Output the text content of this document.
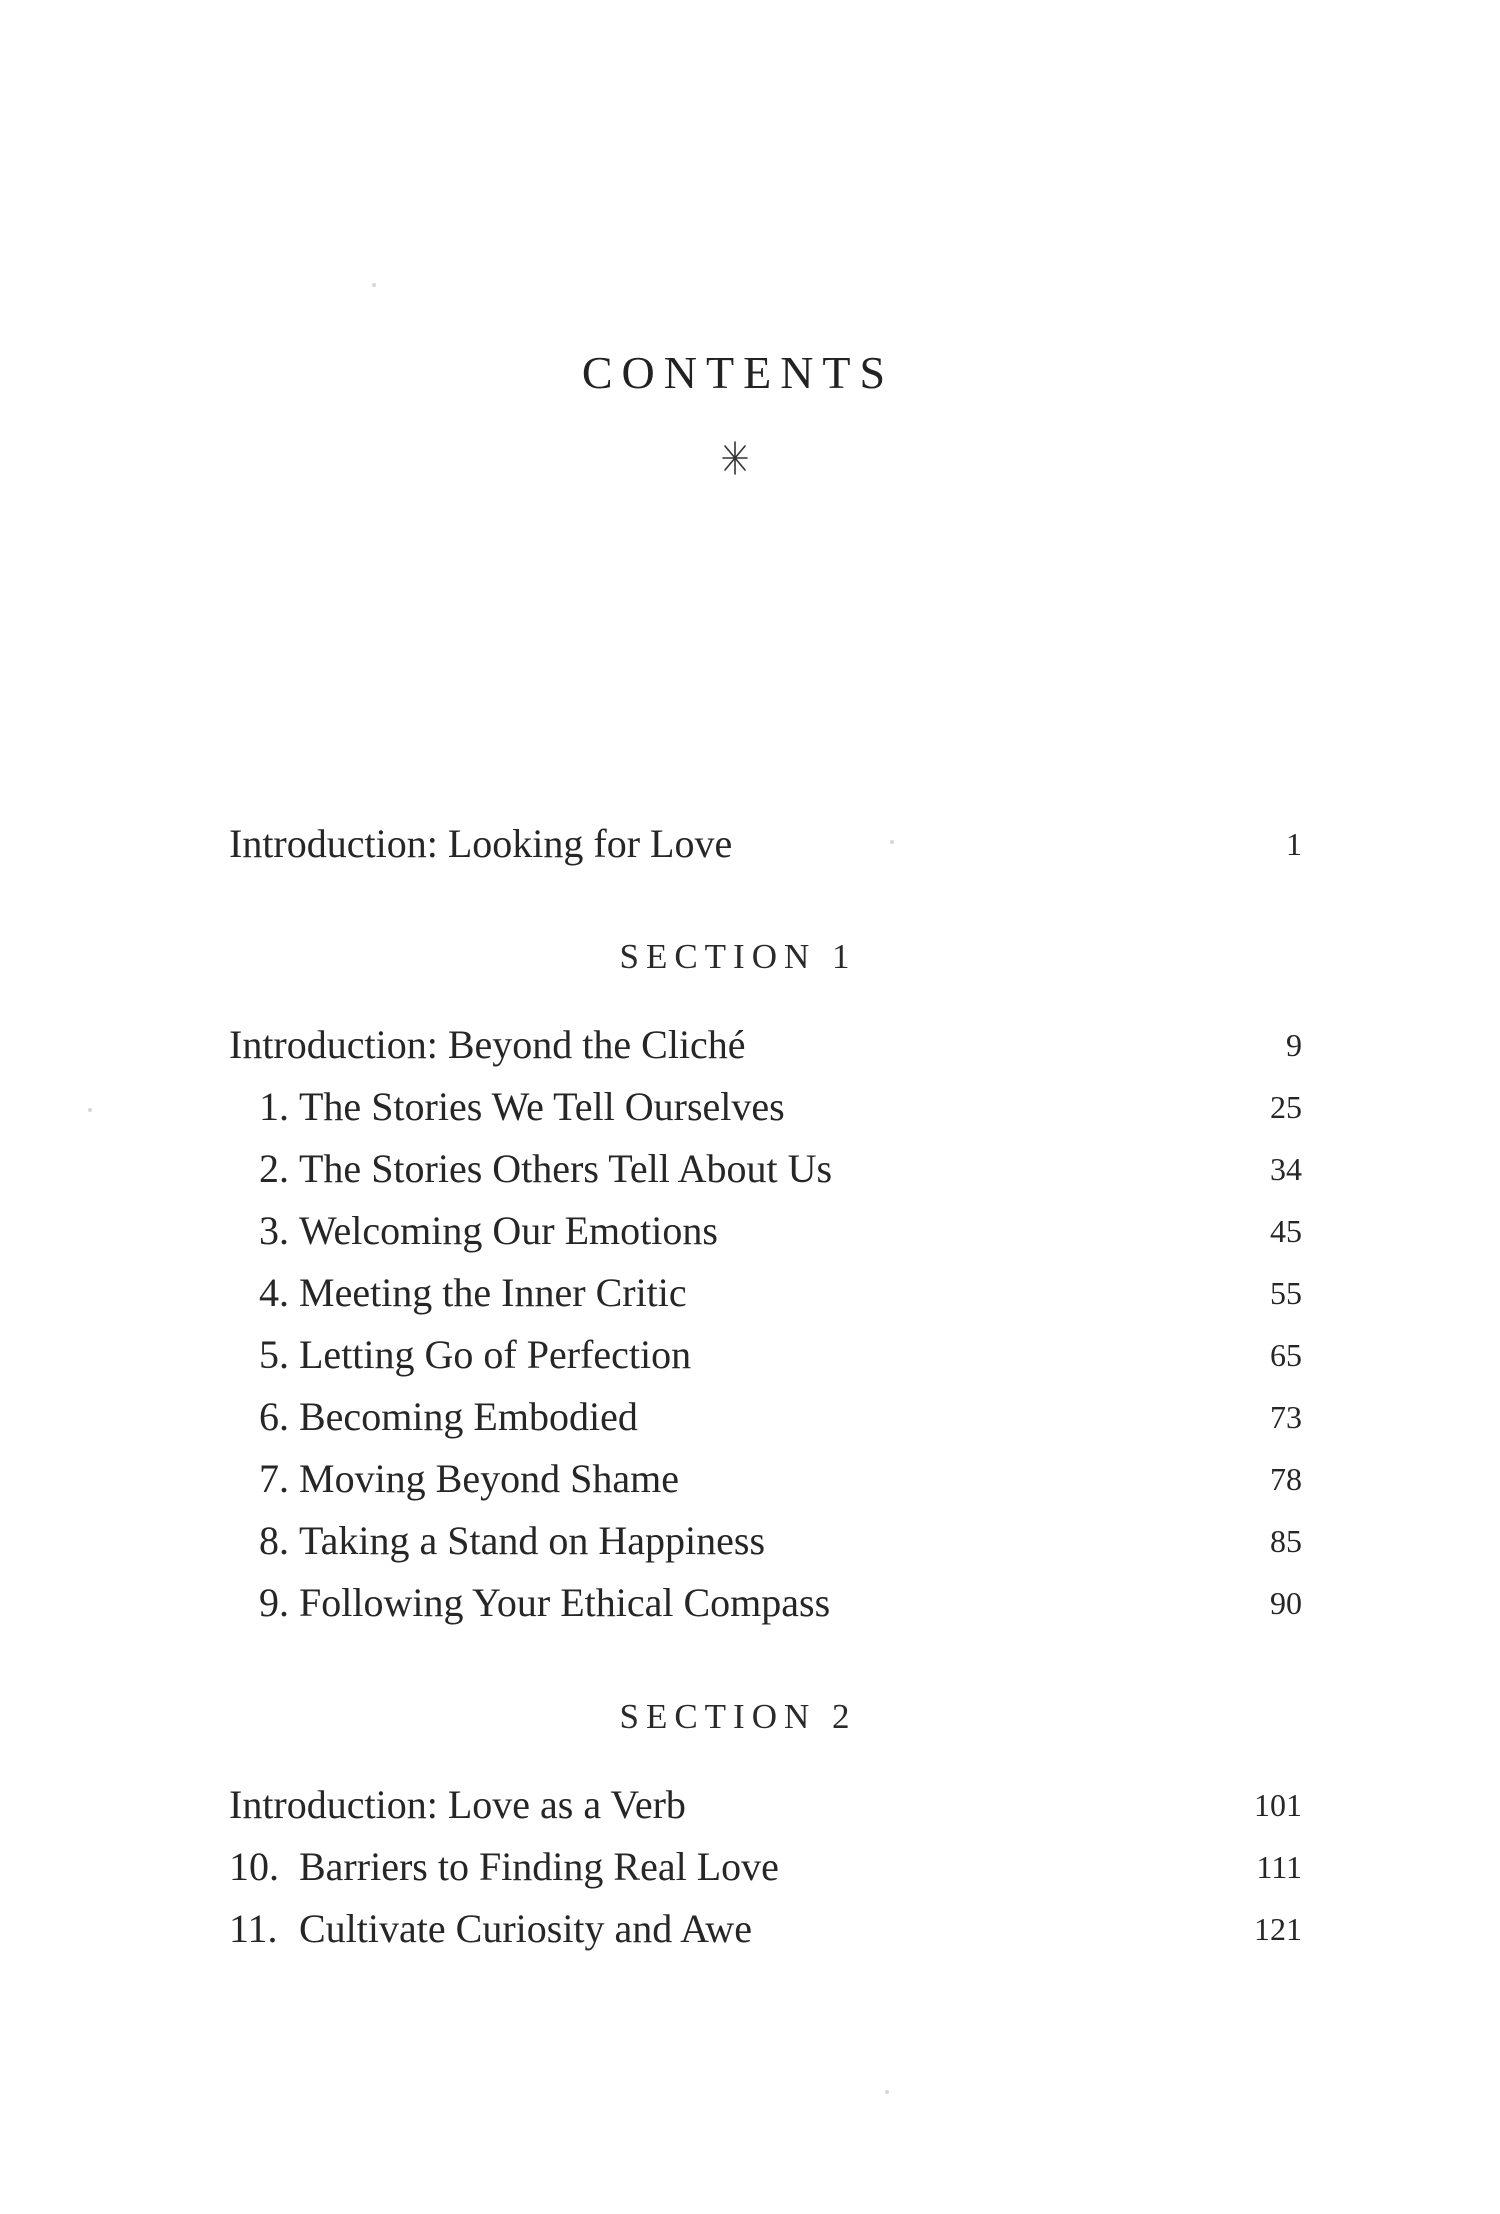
CONTENTS
Introduction: Looking for Love	1
SECTION 1
Introduction: Beyond the Cliché	9
1. The Stories We Tell Ourselves	25
2. The Stories Others Tell About Us	34
3. Welcoming Our Emotions	45
4. Meeting the Inner Critic	55
5. Letting Go of Perfection	65
6. Becoming Embodied	73
7. Moving Beyond Shame	78
8. Taking a Stand on Happiness	85
9. Following Your Ethical Compass	90
SECTION 2
Introduction: Love as a Verb	101
10. Barriers to Finding Real Love	111
11. Cultivate Curiosity and Awe	121
